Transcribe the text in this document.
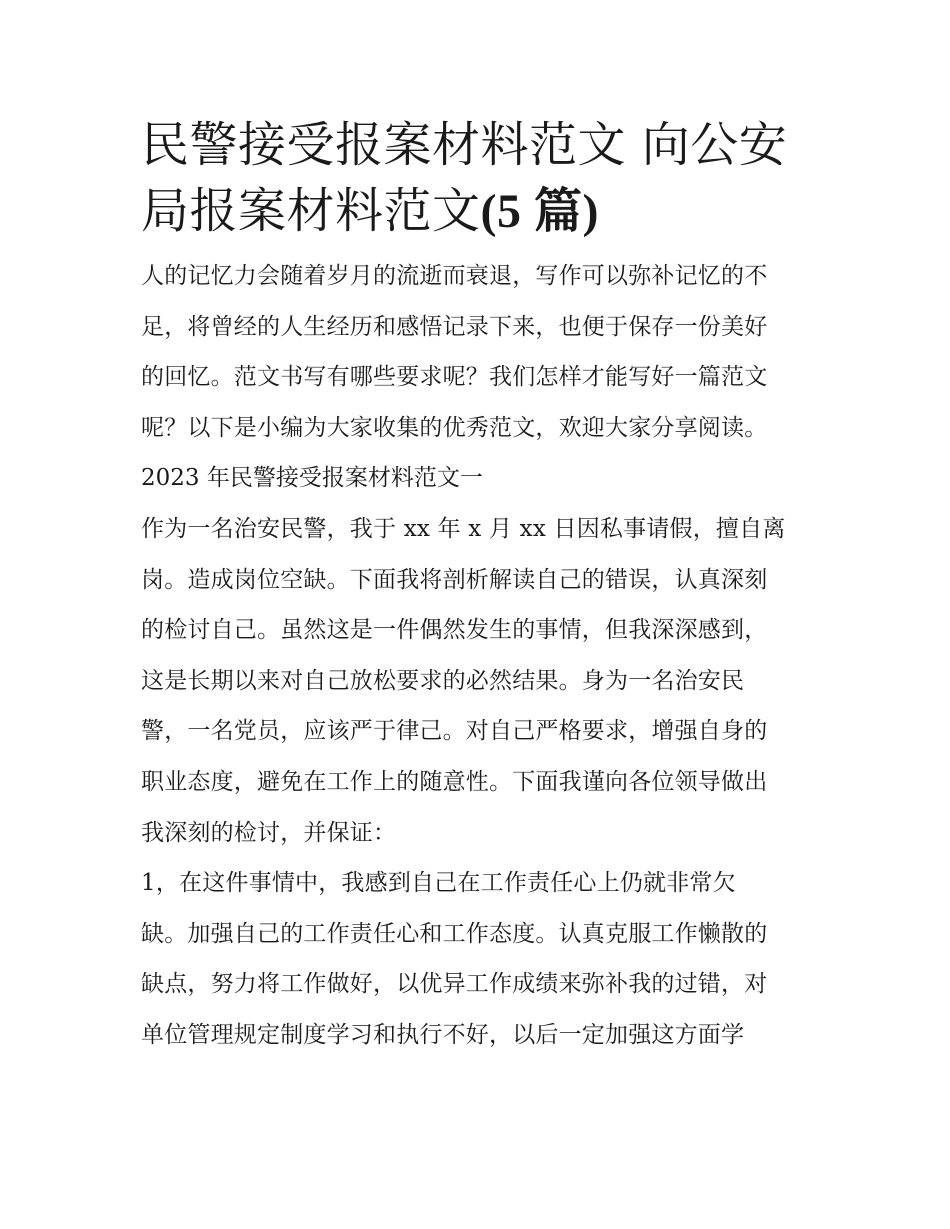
民警接受报案材料范文 向公安
局报案材料范文(5 篇)

人的记忆力会随着岁月的流逝而衰退，写作可以弥补记忆的不
足，将曾经的人生经历和感悟记录下来，也便于保存一份美好
的回忆。范文书写有哪些要求呢？我们怎样才能写好一篇范文
呢？以下是小编为大家收集的优秀范文，欢迎大家分享阅读。

2023 年民警接受报案材料范文一

作为一名治安民警，我于 xx 年 x 月 xx 日因私事请假，擅自离
岗。造成岗位空缺。下面我将剖析解读自己的错误，认真深刻
的检讨自己。虽然这是一件偶然发生的事情，但我深深感到，
这是长期以来对自己放松要求的必然结果。身为一名治安民
警，一名党员，应该严于律己。对自己严格要求，增强自身的
职业态度，避免在工作上的随意性。下面我谨向各位领导做出
我深刻的检讨，并保证：

1，在这件事情中，我感到自己在工作责任心上仍就非常欠
缺。加强自己的工作责任心和工作态度。认真克服工作懒散的
缺点，努力将工作做好，以优异工作成绩来弥补我的过错，对
单位管理规定制度学习和执行不好，以后一定加强这方面学
